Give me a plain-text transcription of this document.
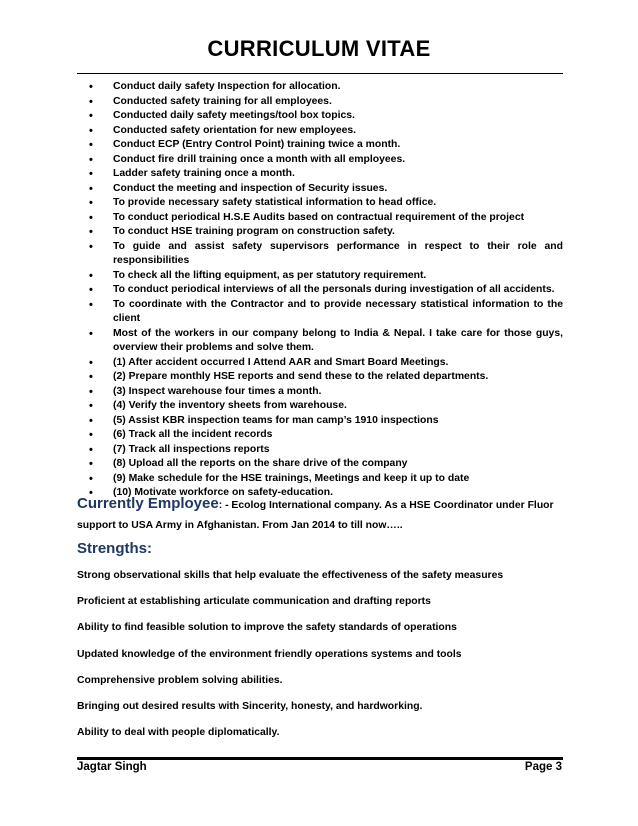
CURRICULUM VITAE
• Conduct daily safety Inspection for allocation.
• Conducted safety training for all employees.
• Conducted daily safety meetings/tool box topics.
• Conducted safety orientation for new employees.
• Conduct ECP (Entry Control Point) training twice a month.
• Conduct fire drill training once a month with all employees.
• Ladder safety training once a month.
• Conduct the meeting and inspection of Security issues.
• To provide necessary safety statistical information to head office.
• To conduct periodical H.S.E Audits based on contractual requirement of the project
• To conduct HSE training program on construction safety.
• To guide and assist safety supervisors performance in respect to their role and responsibilities
• To check all the lifting equipment, as per statutory requirement.
• To conduct periodical interviews of all the personals during investigation of all accidents.
• To coordinate with the Contractor and to provide necessary statistical information to the client
• Most of the workers in our company belong to India & Nepal. I take care for those guys, overview their problems and solve them.
• (1) After accident occurred I Attend AAR and Smart Board Meetings.
• (2) Prepare monthly HSE reports and send these to the related departments.
• (3) Inspect warehouse four times a month.
• (4) Verify the inventory sheets from warehouse.
• (5) Assist KBR inspection teams for man camp’s 1910 inspections
• (6) Track all the incident records
• (7) Track all inspections reports
• (8) Upload all the reports on the share drive of the company
• (9) Make schedule for the HSE trainings, Meetings and keep it up to date
• (10) Motivate workforce on safety-education.
Currently Employee: - Ecolog International company. As a HSE Coordinator under Fluor support to USA Army in Afghanistan. From Jan 2014 to till now…..
Strengths:
Strong observational skills that help evaluate the effectiveness of the safety measures
Proficient at establishing articulate communication and drafting reports
Ability to find feasible solution to improve the safety standards of operations
Updated knowledge of the environment friendly operations systems and tools
Comprehensive problem solving abilities.
Bringing out desired results with Sincerity, honesty, and hardworking.
Ability to deal with people diplomatically.
Jagtar Singh	Page 3
